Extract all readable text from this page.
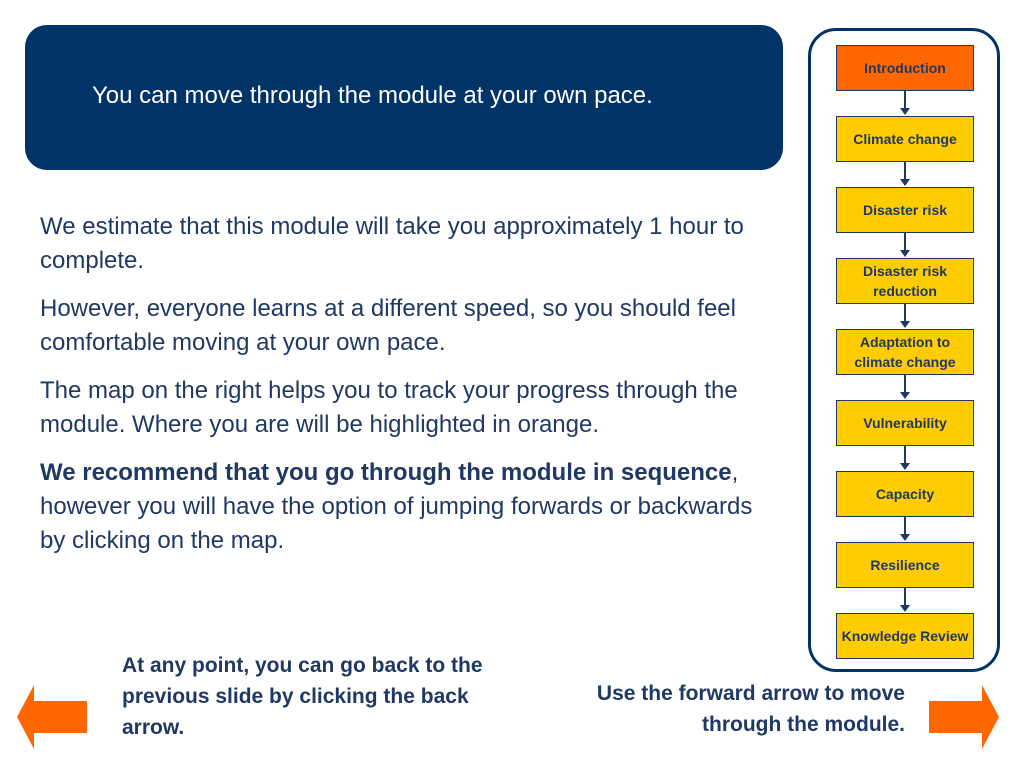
You can move through the module at your own pace.

We estimate that this module will take you approximately 1 hour to complete.

However, everyone learns at a different speed, so you should feel comfortable moving at your own pace.

The map on the right helps you to track your progress through the module. Where you are will be highlighted in orange.

We recommend that you go through the module in sequence, however you will have the option of jumping forwards or backwards by clicking on the map.

Introduction
Climate change
Disaster risk
Disaster risk reduction
Adaptation to climate change
Vulnerability
Capacity
Resilience
Knowledge Review
At any point, you can go back to the previous slide by clicking the back arrow.
Use the forward arrow to move through the module.
